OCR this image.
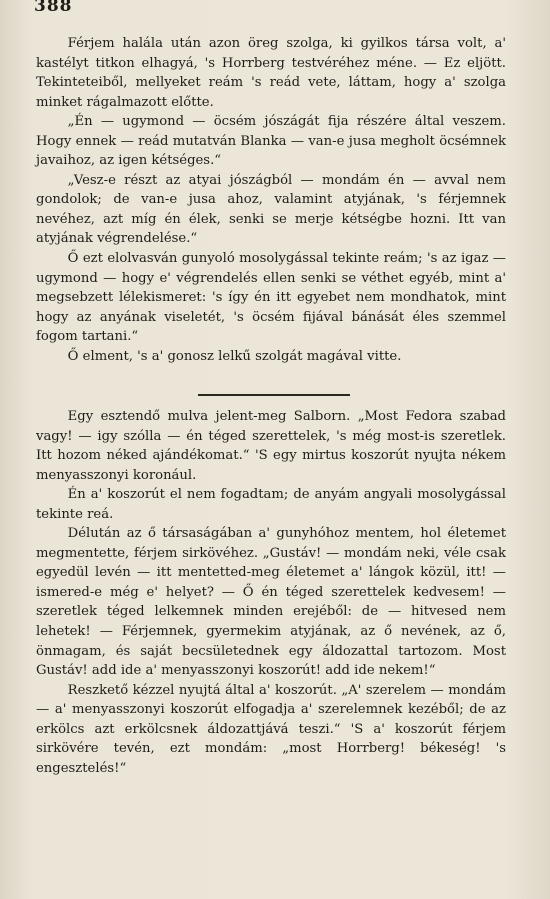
388

Férjem halála után azon öreg szolga, ki gyilkos társa volt, a' kastélyt titkon elhagyá, 's Horrberg testvéréhez méne. — Ez eljött. Tekinteteiből, mellyeket reám 's reád vete, láttam, hogy a' szolga minket rágalmazott előtte.

„Én — ugymond — öcsém jószágát fija részére által veszem. Hogy ennek — reád mutatván Blanka — van-e jusa megholt öcsémnek javaihoz, az igen kétséges.“

„Vesz-e részt az atyai jószágból — mondám én — avval nem gondolok; de van-e jusa ahoz, valamint atyjának, 's férjemnek nevéhez, azt míg én élek, senki se merje kétségbe hozni. Itt van atyjának végrendelése.“

Ő ezt elolvasván gunyoló mosolygással tekinte reám; 's az igaz — ugymond — hogy e' végrendelés ellen senki se véthet egyéb, mint a' megsebzett lélekismeret: 's így én itt egyebet nem mondhatok, mint hogy az anyának viseletét, 's öcsém fijával bánását éles szemmel fogom tartani.“

Ő elment, 's a' gonosz lelkű szolgát magával vitte.

Egy esztendő mulva jelent-meg Salborn. „Most Fedora szabad vagy! — igy szólla — én téged szerettelek, 's még most-is szeretlek. Itt hozom néked ajándékomat.“ 'S egy mirtus koszorút nyujta nékem menyasszonyi koronául.

Én a' koszorút el nem fogadtam; de anyám angyali mosolygással tekinte reá.

Délután az ő társaságában a' gunyhóhoz mentem, hol életemet megmentette, férjem sirkövéhez. „Gustáv! — mondám neki, véle csak egyedül levén — itt mentetted-meg életemet a' lángok közül, itt! — ismered-e még e' helyet? — Ő én téged szerettelek kedvesem! — szeretlek téged lelkemnek minden erejéből: de — hitvesed nem lehetek! — Férjemnek, gyermekim atyjának, az ő nevének, az ő, önmagam, és saját becsületednek egy áldozattal tartozom. Most Gustáv! add ide a' menyasszonyi koszorút! add ide nekem!“

Reszkető kézzel nyujtá által a' koszorút. „A' szerelem — mondám — a' menyasszonyi koszorút elfogadja a' szerelemnek kezéből; de az erkölcs azt erkölcsnek áldozattjává teszi.“ 'S a' koszorút férjem sirkövére tevén, ezt mondám: „most Horrberg! békeség! 's engesztelés!“
